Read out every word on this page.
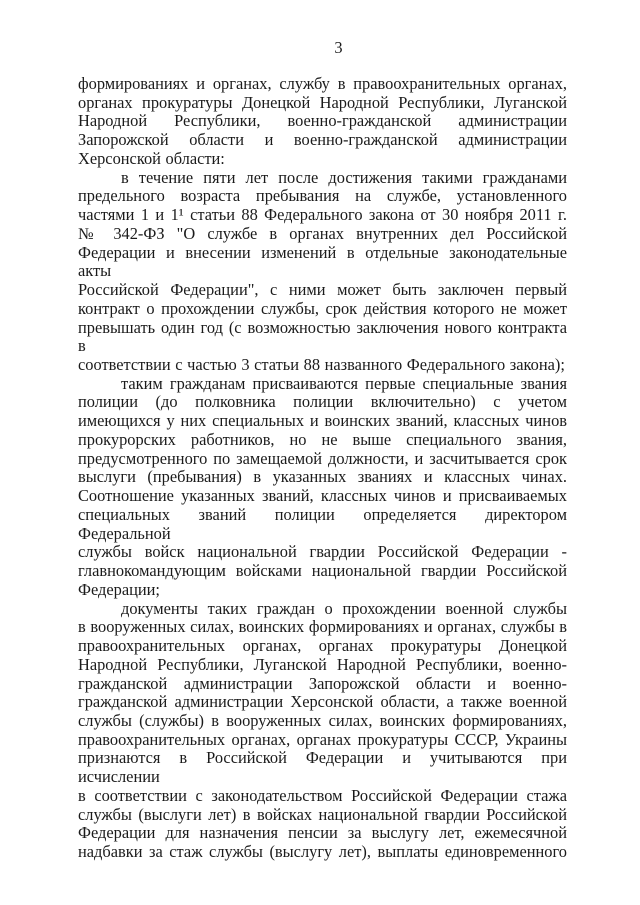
3
формированиях и органах, службу в правоохранительных органах,
органах прокуратуры Донецкой Народной Республики, Луганской
Народной Республики, военно-гражданской администрации
Запорожской области и военно-гражданской администрации
Херсонской области:
в течение пяти лет после достижения такими гражданами
предельного возраста пребывания на службе, установленного
частями 1 и 1¹ статьи 88 Федерального закона от 30 ноября 2011 г.
№ 342-ФЗ "О службе в органах внутренних дел Российской
Федерации и внесении изменений в отдельные законодательные акты
Российской Федерации", с ними может быть заключен первый
контракт о прохождении службы, срок действия которого не может
превышать один год (с возможностью заключения нового контракта в
соответствии с частью 3 статьи 88 названного Федерального закона);
таким гражданам присваиваются первые специальные звания
полиции (до полковника полиции включительно) с учетом
имеющихся у них специальных и воинских званий, классных чинов
прокурорских работников, но не выше специального звания,
предусмотренного по замещаемой должности, и засчитывается срок
выслуги (пребывания) в указанных званиях и классных чинах.
Соотношение указанных званий, классных чинов и присваиваемых
специальных званий полиции определяется директором Федеральной
службы войск национальной гвардии Российской Федерации -
главнокомандующим войсками национальной гвардии Российской
Федерации;
документы таких граждан о прохождении военной службы
в вооруженных силах, воинских формированиях и органах, службы в
правоохранительных органах, органах прокуратуры Донецкой
Народной Республики, Луганской Народной Республики, военно-
гражданской администрации Запорожской области и военно-
гражданской администрации Херсонской области, а также военной
службы (службы) в вооруженных силах, воинских формированиях,
правоохранительных органах, органах прокуратуры СССР, Украины
признаются в Российской Федерации и учитываются при исчислении
в соответствии с законодательством Российской Федерации стажа
службы (выслуги лет) в войсках национальной гвардии Российской
Федерации для назначения пенсии за выслугу лет, ежемесячной
надбавки за стаж службы (выслугу лет), выплаты единовременного
